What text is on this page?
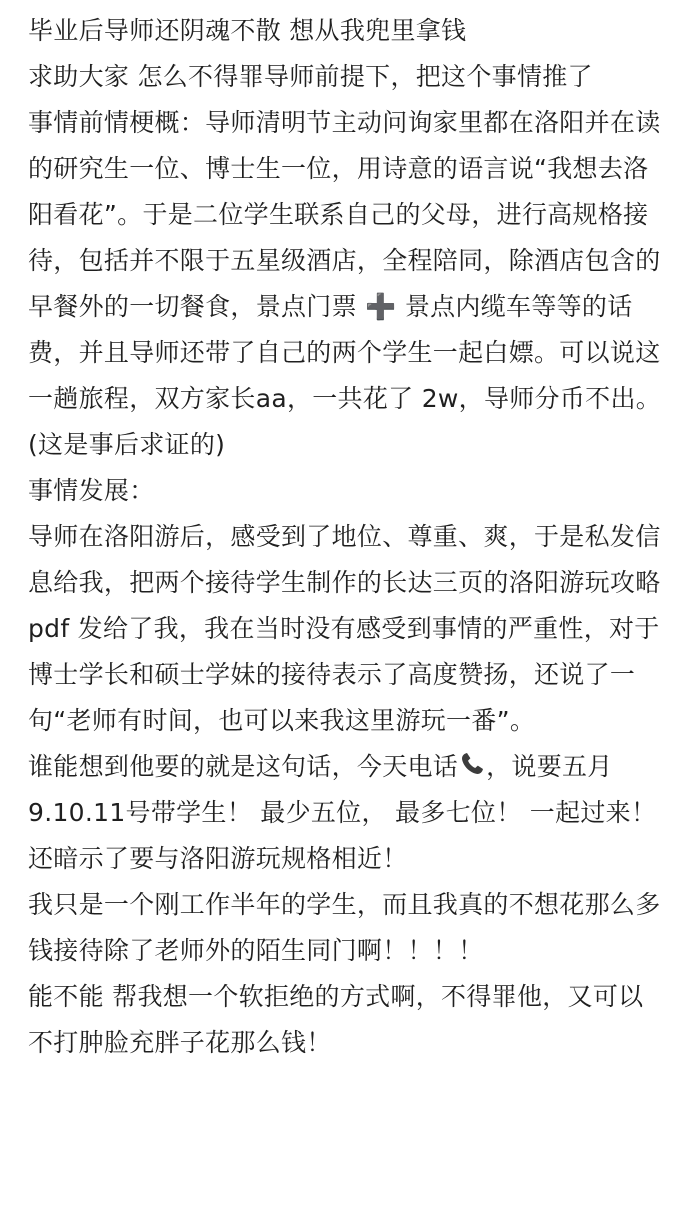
毕业后导师还阴魂不散 想从我兜里拿钱

求助大家 怎么不得罪导师前提下，把这个事情推了

事情前情梗概：导师清明节主动问询家里都在洛阳并在读的研究生一位、博士生一位，用诗意的语言说“我想去洛阳看花”。于是二位学生联系自己的父母，进行高规格接待，包括并不限于五星级酒店，全程陪同，除酒店包含的早餐外的一切餐食，景点门票 ➕ 景点内缆车等等的话费，并且导师还带了自己的两个学生一起白嫖。可以说这一趟旅程，双方家长aa，一共花了 2w，导师分币不出。(这是事后求证的)

事情发展：

导师在洛阳游后，感受到了地位、尊重、爽，于是私发信息给我，把两个接待学生制作的长达三页的洛阳游玩攻略pdf 发给了我，我在当时没有感受到事情的严重性，对于博士学长和硕士学妹的接待表示了高度赞扬，还说了一句“老师有时间，也可以来我这里游玩一番”。

谁能想到他要的就是这句话，今天电话 ，说要五月9.10.11号带学生！ 最少五位， 最多七位！ 一起过来！  还暗示了要与洛阳游玩规格相近！

我只是一个刚工作半年的学生，而且我真的不想花那么多钱接待除了老师外的陌生同门啊！！！！

能不能 帮我想一个软拒绝的方式啊，不得罪他，又可以不打肿脸充胖子花那么钱！
